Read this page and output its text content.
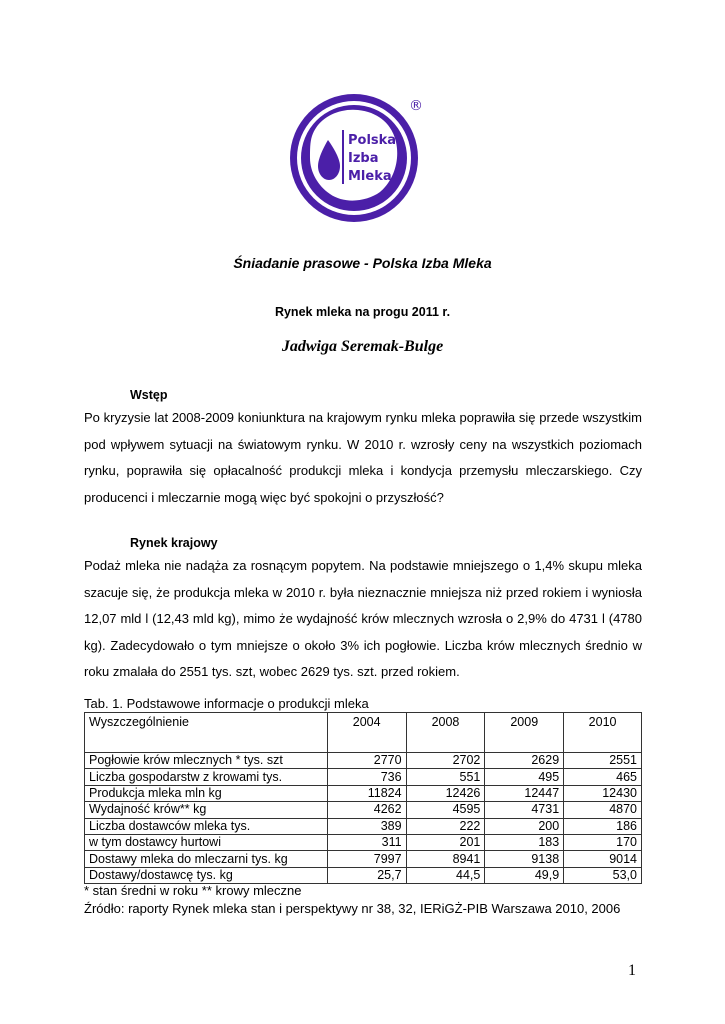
Polska
Izba
Mleka
®
Śniadanie prasowe - Polska Izba Mleka
Rynek mleka na progu 2011 r.
Jadwiga Seremak-Bulge
Wstęp
Po kryzysie lat 2008-2009 koniunktura na krajowym rynku mleka poprawiła się przede wszystkim pod wpływem sytuacji na światowym rynku. W 2010 r. wzrosły ceny na wszystkich poziomach rynku, poprawiła się opłacalność produkcji mleka i kondycja przemysłu mleczarskiego. Czy producenci i mleczarnie mogą więc być spokojni o przyszłość?
Rynek krajowy
Podaż mleka nie nadąża za rosnącym popytem. Na podstawie mniejszego o 1,4% skupu mleka szacuje się, że produkcja mleka w 2010 r. była nieznacznie mniejsza niż przed rokiem i wyniosła 12,07 mld l (12,43 mld kg), mimo że wydajność krów mlecznych wzrosła o 2,9% do 4731 l (4780 kg). Zadecydowało o tym mniejsze o około 3% ich pogłowie. Liczba krów mlecznych średnio w roku zmalała do 2551 tys. szt, wobec 2629 tys. szt. przed rokiem.
Tab. 1. Podstawowe informacje o produkcji mleka
Wyszczególnienie	2004	2008	2009	2010
Pogłowie krów mlecznych * tys. szt	2770	2702	2629	2551
Liczba gospodarstw z krowami tys.	736	551	495	465
Produkcja mleka mln kg	11824	12426	12447	12430
Wydajność krów** kg	4262	4595	4731	4870
Liczba dostawców mleka tys.	389	222	200	186
w tym dostawcy hurtowi	311	201	183	170
Dostawy mleka do mleczarni tys. kg	7997	8941	9138	9014
Dostawy/dostawcę tys. kg	25,7	44,5	49,9	53,0
* stan średni w roku ** krowy mleczne
Źródło: raporty Rynek mleka stan i perspektywy nr 38, 32, IERiGŻ-PIB Warszawa 2010, 2006
1
